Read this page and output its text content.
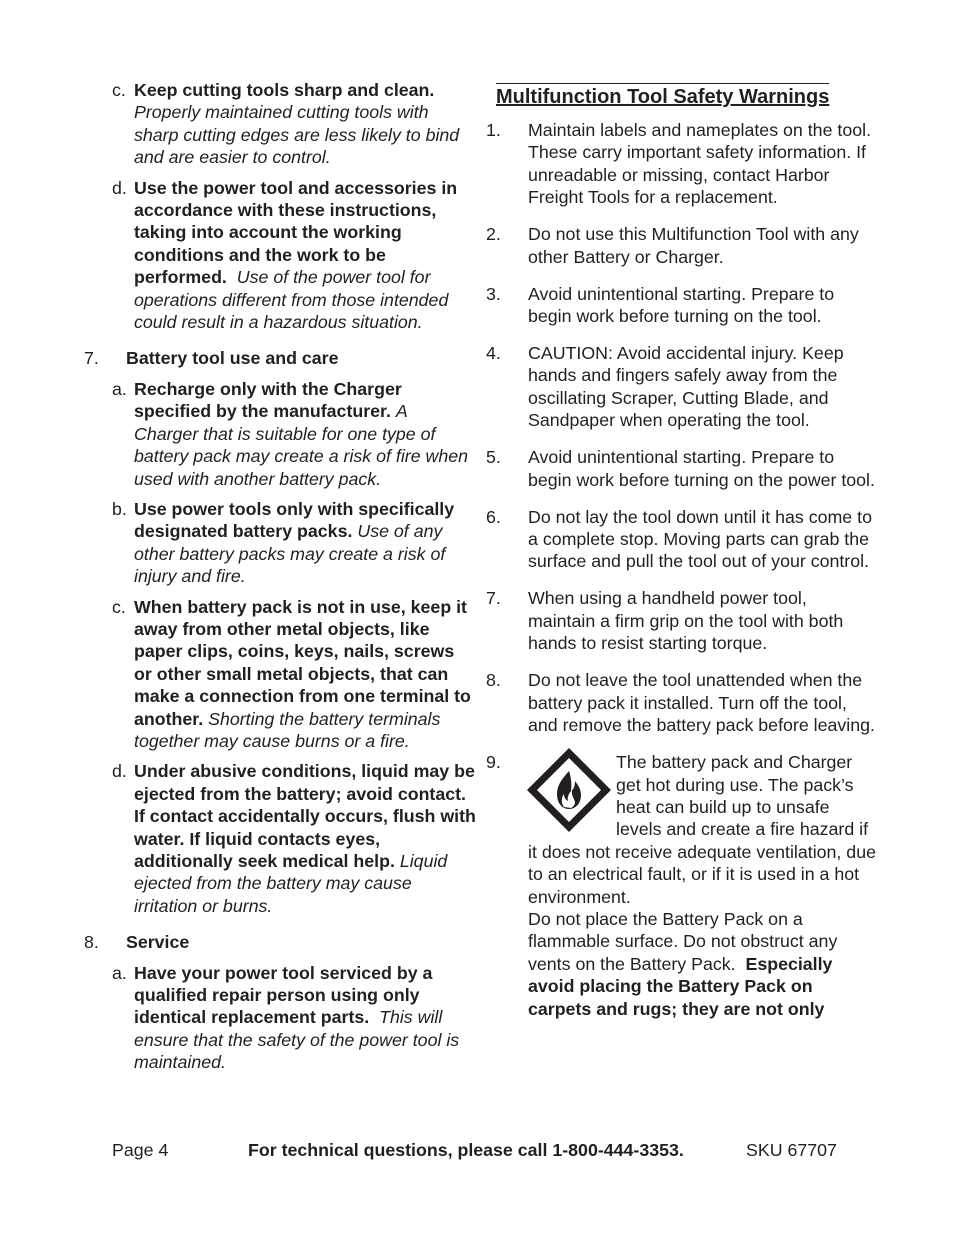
c. Keep cutting tools sharp and clean. Properly maintained cutting tools with sharp cutting edges are less likely to bind and are easier to control.
d. Use the power tool and accessories in accordance with these instructions, taking into account the working conditions and the work to be performed. Use of the power tool for operations different from those intended could result in a hazardous situation.
7. Battery tool use and care
a. Recharge only with the Charger specified by the manufacturer. A Charger that is suitable for one type of battery pack may create a risk of fire when used with another battery pack.
b. Use power tools only with specifically designated battery packs. Use of any other battery packs may create a risk of injury and fire.
c. When battery pack is not in use, keep it away from other metal objects, like paper clips, coins, keys, nails, screws or other small metal objects, that can make a connection from one terminal to another. Shorting the battery terminals together may cause burns or a fire.
d. Under abusive conditions, liquid may be ejected from the battery; avoid contact. If contact accidentally occurs, flush with water. If liquid contacts eyes, additionally seek medical help. Liquid ejected from the battery may cause irritation or burns.
8. Service
a. Have your power tool serviced by a qualified repair person using only identical replacement parts. This will ensure that the safety of the power tool is maintained.
Multifunction Tool Safety Warnings
1. Maintain labels and nameplates on the tool. These carry important safety information. If unreadable or missing, contact Harbor Freight Tools for a replacement.
2. Do not use this Multifunction Tool with any other Battery or Charger.
3. Avoid unintentional starting. Prepare to begin work before turning on the tool.
4. CAUTION: Avoid accidental injury. Keep hands and fingers safely away from the oscillating Scraper, Cutting Blade, and Sandpaper when operating the tool.
5. Avoid unintentional starting. Prepare to begin work before turning on the power tool.
6. Do not lay the tool down until it has come to a complete stop. Moving parts can grab the surface and pull the tool out of your control.
7. When using a handheld power tool, maintain a firm grip on the tool with both hands to resist starting torque.
8. Do not leave the tool unattended when the battery pack it installed. Turn off the tool, and remove the battery pack before leaving.
9.	The battery pack and Charger get hot during use. The pack’s heat can build up to unsafe levels and create a fire hazard if it does not receive adequate ventilation, due to an electrical fault, or if it is used in a hot environment.
Do not place the Battery Pack on a flammable surface. Do not obstruct any vents on the Battery Pack. Especially avoid placing the Battery Pack on carpets and rugs; they are not only
Page 4	For technical questions, please call 1-800-444-3353.	SKU 67707
